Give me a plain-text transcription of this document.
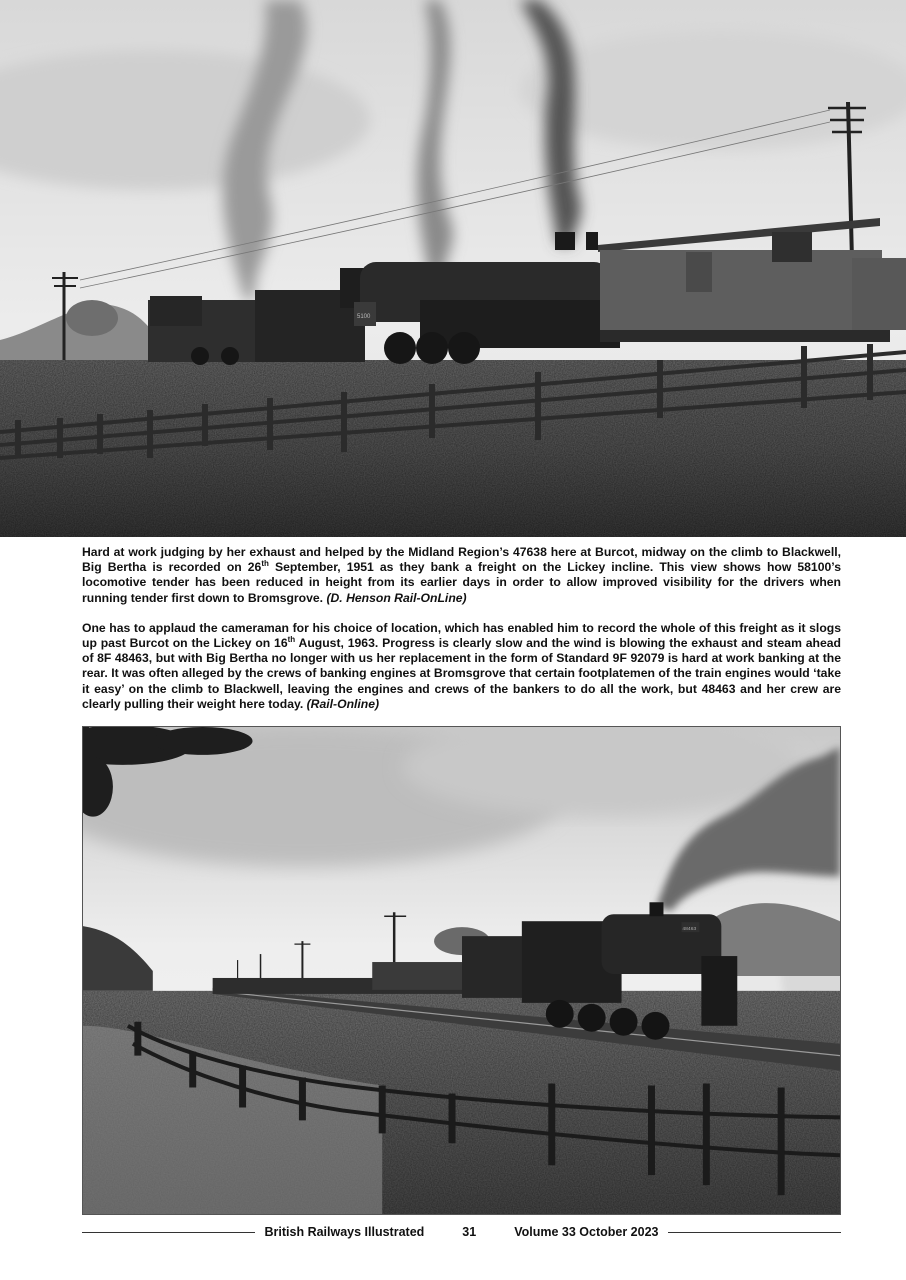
5100

Hard at work judging by her exhaust and helped by the Midland Region’s 47638 here at Burcot, midway on the climb to Blackwell, Big Bertha is recorded on 26th September, 1951 as they bank a freight on the Lickey incline. This view shows how 58100’s locomotive tender has been reduced in height from its earlier days in order to allow improved visibility for the drivers when running tender first down to Bromsgrove. (D. Henson Rail-OnLine)

One has to applaud the cameraman for his choice of location, which has enabled him to record the whole of this freight as it slogs up past Burcot on the Lickey on 16th August, 1963. Progress is clearly slow and the wind is blowing the exhaust and steam ahead of 8F 48463, but with Big Bertha no longer with us her replacement in the form of Standard 9F 92079 is hard at work banking at the rear. It was often alleged by the crews of banking engines at Bromsgrove that certain footplatemen of the train engines would ‘take it easy’ on the climb to Blackwell, leaving the engines and crews of the bankers to do all the work, but 48463 and her crew are clearly pulling their weight here today. (Rail-Online)

48463
British Railways Illustrated	31	Volume 33 October 2023
